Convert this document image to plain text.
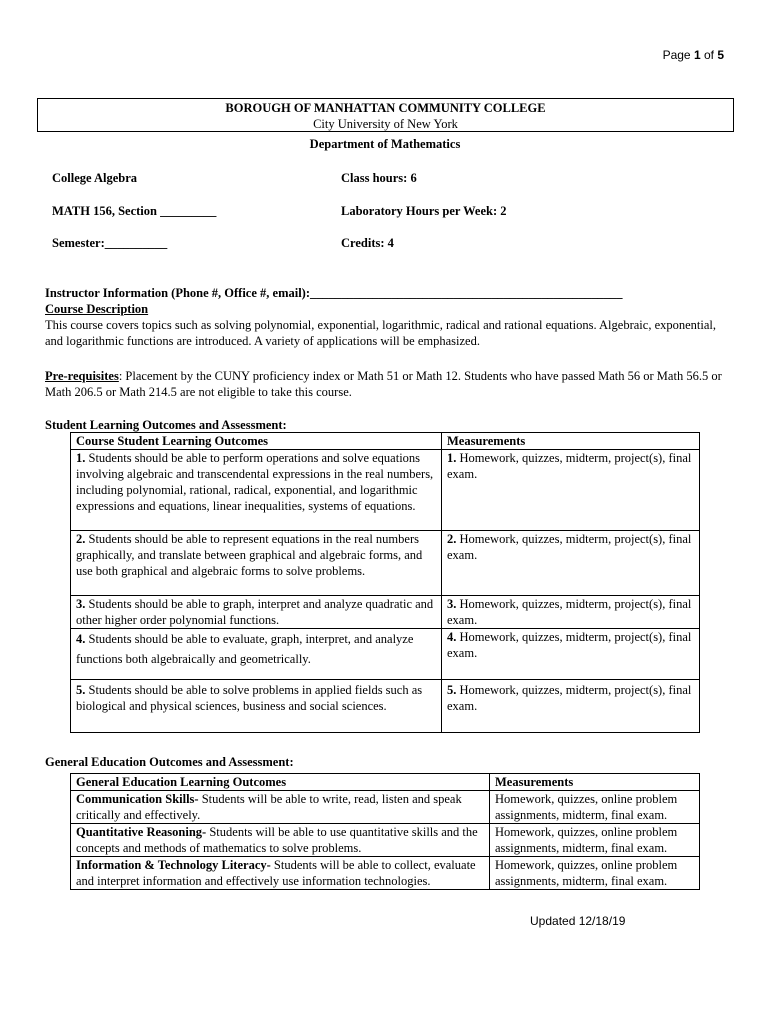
Page 1 of 5
BOROUGH OF MANHATTAN COMMUNITY COLLEGE
City University of New York
Department of Mathematics
College Algebra	Class hours: 6
MATH 156, Section _________	Laboratory Hours per Week: 2
Semester:__________	Credits: 4
Instructor Information (Phone #, Office #, email):__________________________________________________
Course Description
This course covers topics such as solving polynomial, exponential, logarithmic, radical and rational equations. Algebraic, exponential, and logarithmic functions are introduced. A variety of applications will be emphasized.
Pre-requisites: Placement by the CUNY proficiency index or Math 51 or Math 12. Students who have passed Math 56 or Math 56.5 or Math 206.5 or Math 214.5 are not eligible to take this course.
Student Learning Outcomes and Assessment:
Course Student Learning Outcomes	Measurements
1. Students should be able to perform operations and solve equations involving algebraic and transcendental expressions in the real numbers, including polynomial, rational, radical, exponential, and logarithmic expressions and equations, linear inequalities, systems of equations.	1. Homework, quizzes, midterm, project(s), final exam.
2. Students should be able to represent equations in the real numbers graphically, and translate between graphical and algebraic forms, and use both graphical and algebraic forms to solve problems.	2. Homework, quizzes, midterm, project(s), final exam.
3. Students should be able to graph, interpret and analyze quadratic and other higher order polynomial functions.	3. Homework, quizzes, midterm, project(s), final exam.
4. Students should be able to evaluate, graph, interpret, and analyze functions both algebraically and geometrically.	4. Homework, quizzes, midterm, project(s), final exam.
5. Students should be able to solve problems in applied fields such as biological and physical sciences, business and social sciences.	5. Homework, quizzes, midterm, project(s), final exam.
General Education Outcomes and Assessment:
General Education Learning Outcomes	Measurements
Communication Skills- Students will be able to write, read, listen and speak critically and effectively.	Homework, quizzes, online problem assignments, midterm, final exam.
Quantitative Reasoning- Students will be able to use quantitative skills and the concepts and methods of mathematics to solve problems.	Homework, quizzes, online problem assignments, midterm, final exam.
Information & Technology Literacy- Students will be able to collect, evaluate and interpret information and effectively use information technologies.	Homework, quizzes, online problem assignments, midterm, final exam.
Updated 12/18/19
